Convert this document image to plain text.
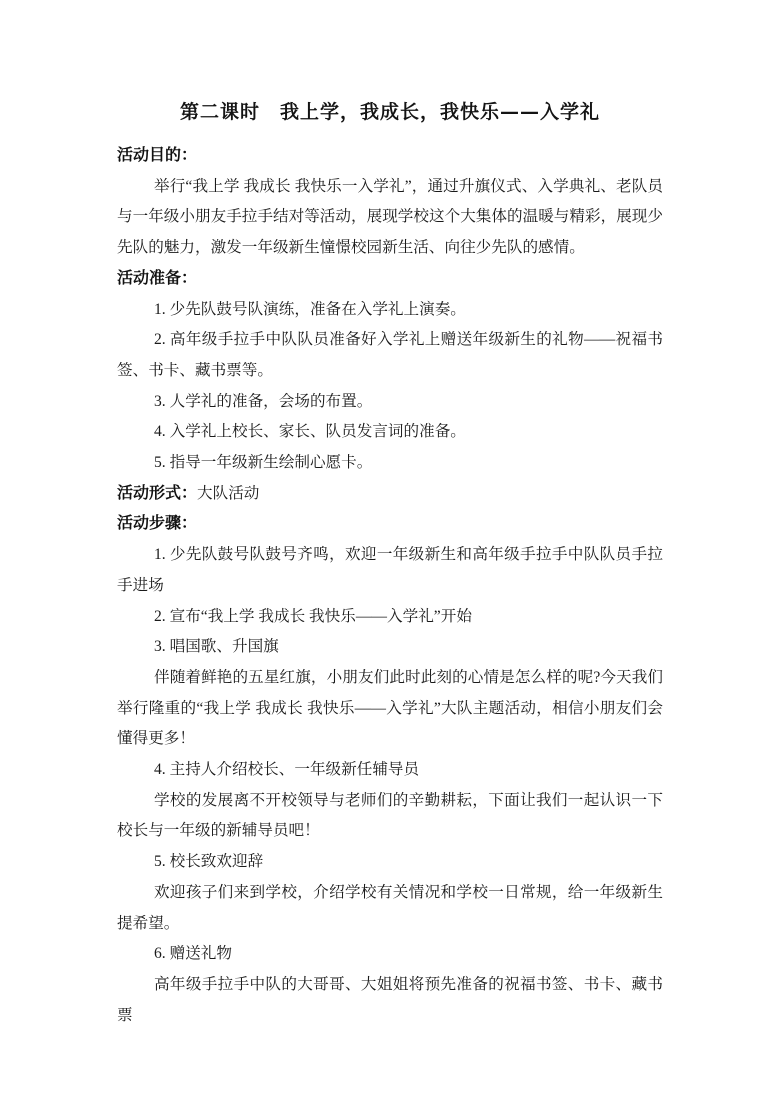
第二课时　我上学，我成长，我快乐——入学礼
活动目的：

举行“我上学 我成长 我快乐一入学礼”，通过升旗仪式、入学典礼、老队员与一年级小朋友手拉手结对等活动，展现学校这个大集体的温暖与精彩，展现少先队的魅力，激发一年级新生憧憬校园新生活、向往少先队的感情。

活动准备：

1. 少先队鼓号队演练，准备在入学礼上演奏。

2. 高年级手拉手中队队员准备好入学礼上赠送年级新生的礼物——祝福书签、书卡、藏书票等。

3. 人学礼的准备，会场的布置。

4. 入学礼上校长、家长、队员发言词的准备。

5. 指导一年级新生绘制心愿卡。

活动形式：大队活动

活动步骤：

1. 少先队鼓号队鼓号齐鸣，欢迎一年级新生和高年级手拉手中队队员手拉手进场

2. 宣布“我上学 我成长 我快乐——入学礼”开始

3. 唱国歌、升国旗

伴随着鲜艳的五星红旗，小朋友们此时此刻的心情是怎么样的呢?今天我们举行隆重的“我上学 我成长 我快乐——入学礼”大队主题活动，相信小朋友们会懂得更多！

4. 主持人介绍校长、一年级新任辅导员

学校的发展离不开校领导与老师们的辛勤耕耘，下面让我们一起认识一下校长与一年级的新辅导员吧！

5. 校长致欢迎辞

欢迎孩子们来到学校，介绍学校有关情况和学校一日常规，给一年级新生提希望。

6. 赠送礼物

高年级手拉手中队的大哥哥、大姐姐将预先准备的祝福书签、书卡、藏书票
